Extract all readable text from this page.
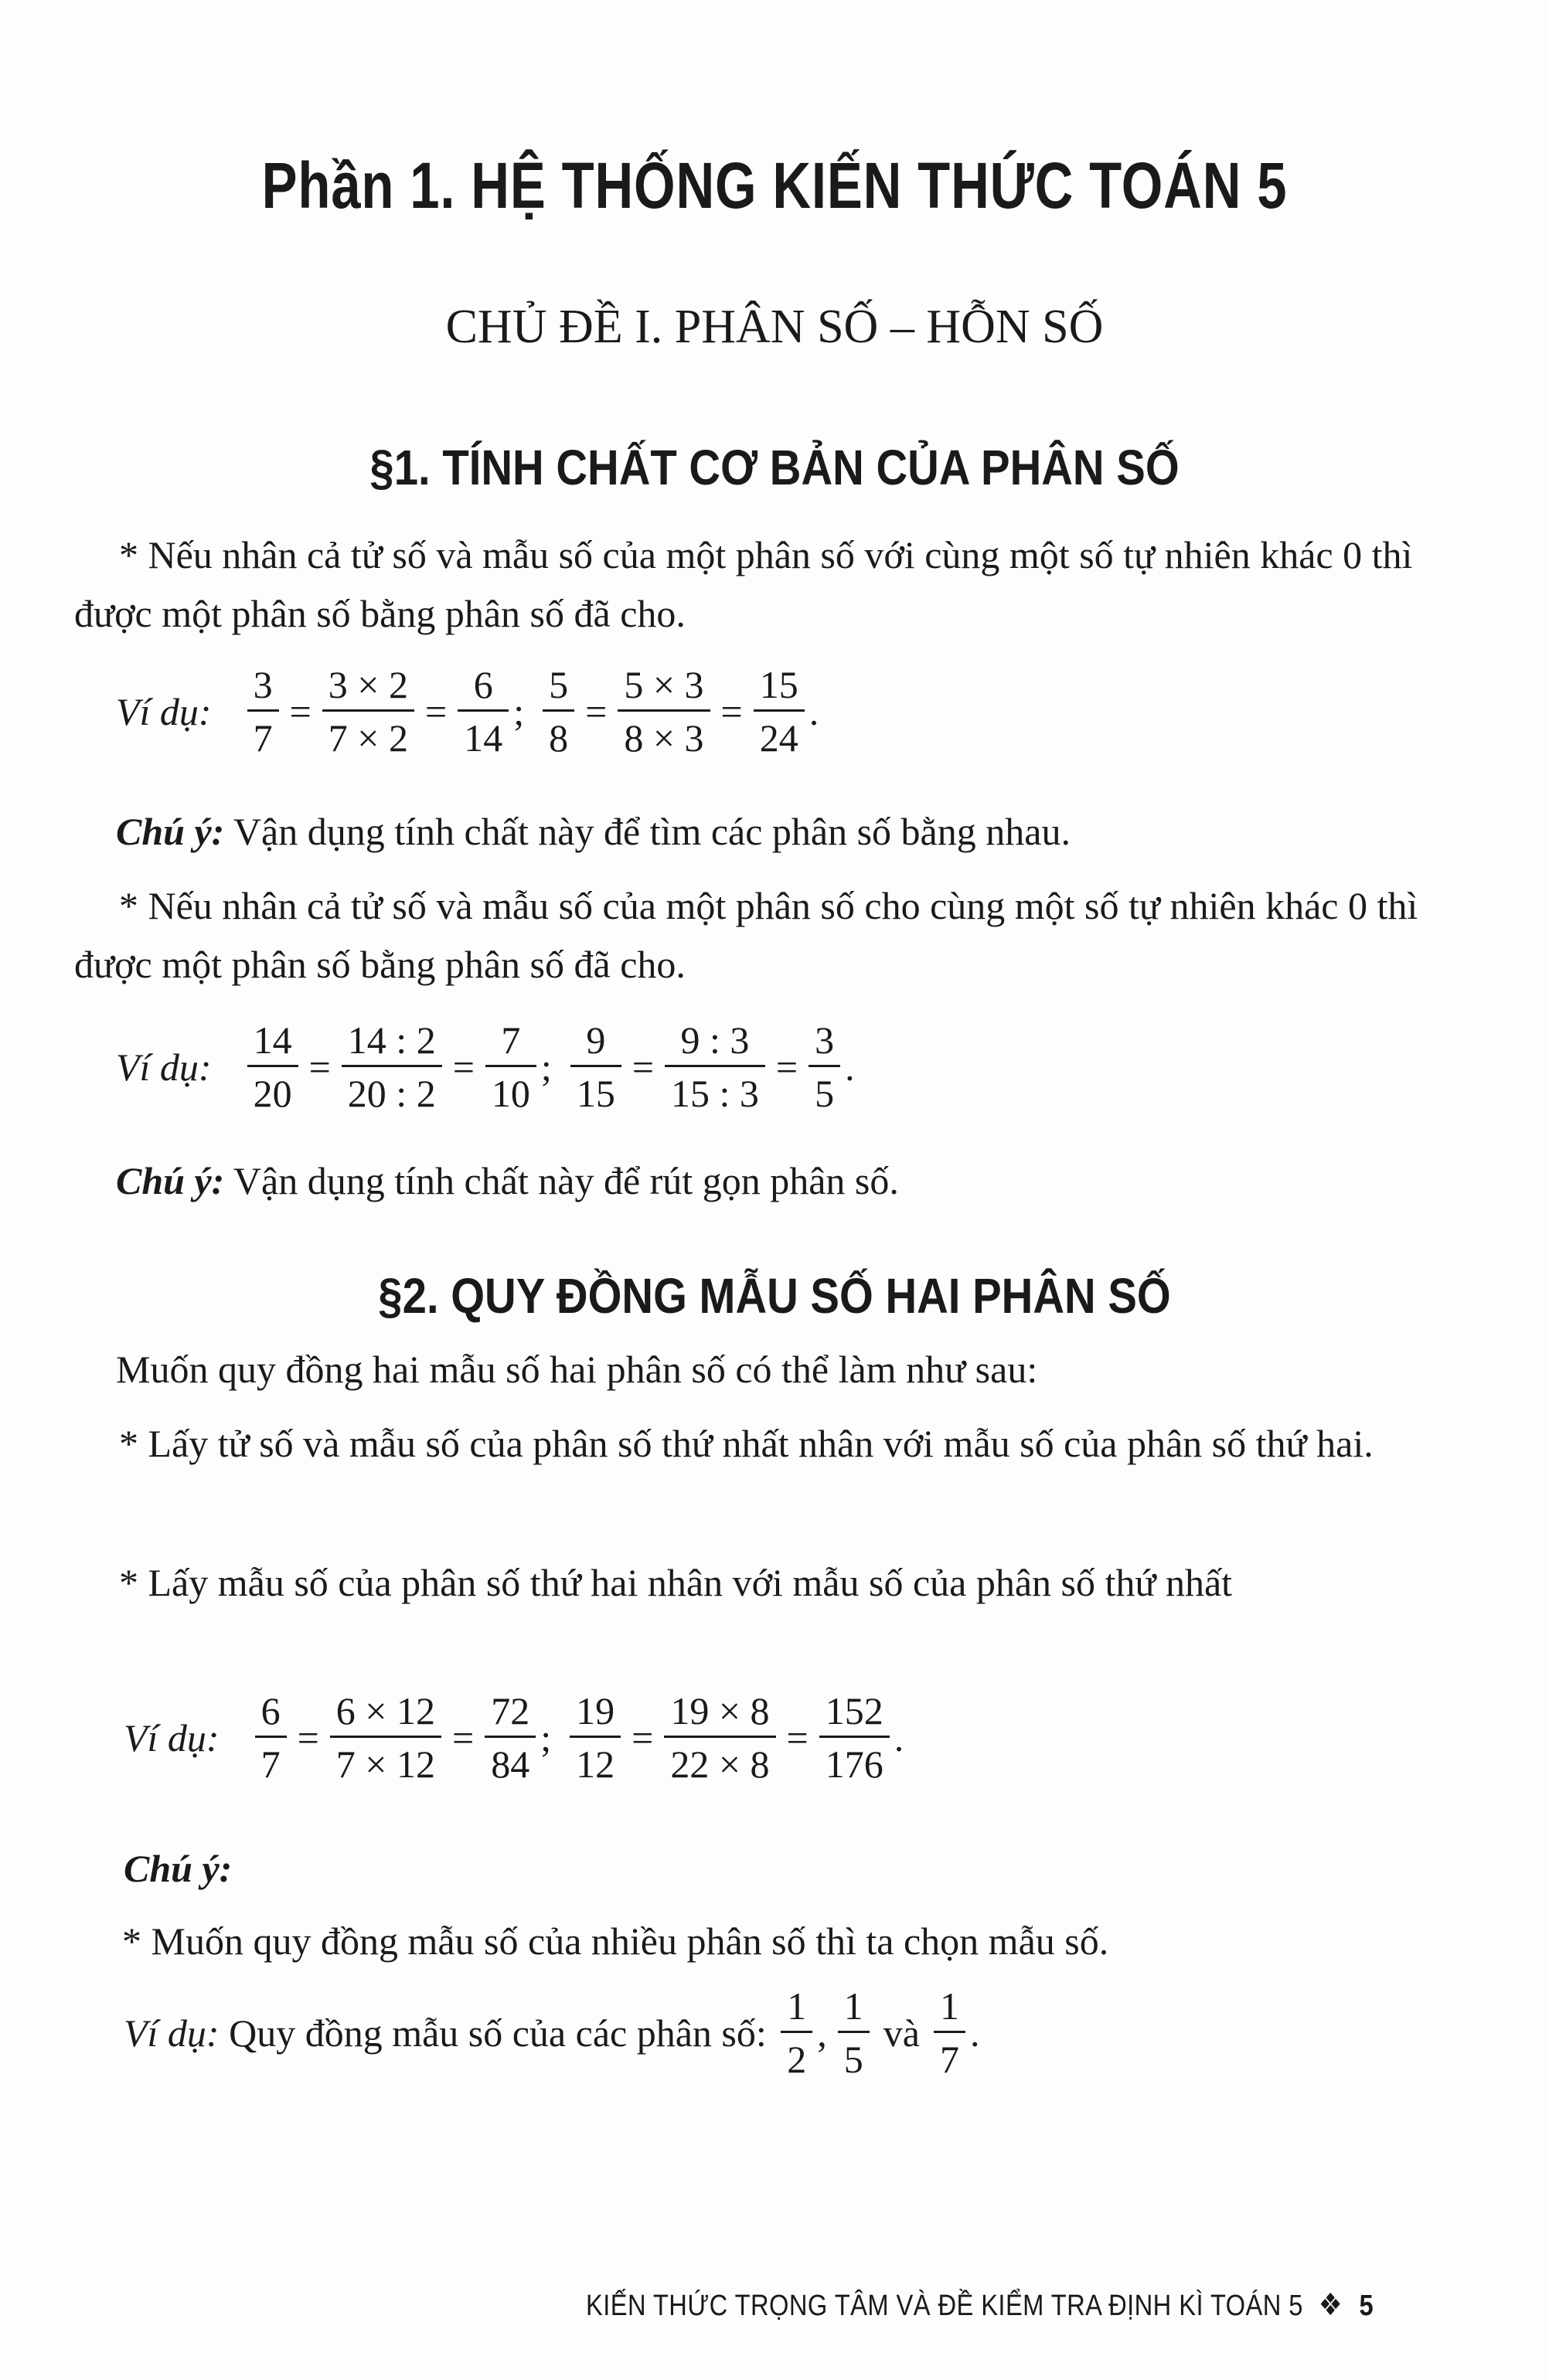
Phần 1. HỆ THỐNG KIẾN THỨC TOÁN 5
CHỦ ĐỀ I. PHÂN SỐ – HỖN SỐ
§1. TÍNH CHẤT CƠ BẢN CỦA PHÂN SỐ
* Nếu nhân cả tử số và mẫu số của một phân số với cùng một số tự nhiên khác 0 thì được một phân số bằng phân số đã cho.
Ví dụ: $\frac{3}{7} = \frac{3 \times 2}{7 \times 2} = \frac{6}{14}$ ; $\frac{5}{8} = \frac{5 \times 3}{8 \times 3} = \frac{15}{24}$ .
Chú ý: Vận dụng tính chất này để tìm các phân số bằng nhau.
* Nếu nhân cả tử số và mẫu số của một phân số cho cùng một số tự nhiên khác 0 thì được một phân số bằng phân số đã cho.
Ví dụ: $\frac{14}{20} = \frac{14 : 2}{20 : 2} = \frac{7}{10}$ ; $\frac{9}{15} = \frac{9 : 3}{15 : 3} = \frac{3}{5}$ .
Chú ý: Vận dụng tính chất này để rút gọn phân số.
§2. QUY ĐỒNG MẪU SỐ HAI PHÂN SỐ
Muốn quy đồng hai mẫu số hai phân số có thể làm như sau:
* Lấy tử số và mẫu số của phân số thứ nhất nhân với mẫu số của phân số thứ hai.
* Lấy mẫu số của phân số thứ hai nhân với mẫu số của phân số thứ nhất
Ví dụ: $\frac{6}{7} = \frac{6 \times 12}{7 \times 12} = \frac{72}{84}$ ; $\frac{19}{12} = \frac{19 \times 8}{22 \times 8} = \frac{152}{176}$ .
Chú ý:
* Muốn quy đồng mẫu số của nhiều phân số thì ta chọn mẫu số.
Ví dụ: Quy đồng mẫu số của các phân số: $\frac{1}{2}$ , $\frac{1}{5}$ và $\frac{1}{7}$ .
KIẾN THỨC TRỌNG TÂM VÀ ĐỀ KIỂM TRA ĐỊNH KÌ TOÁN 5 ❖ 5
